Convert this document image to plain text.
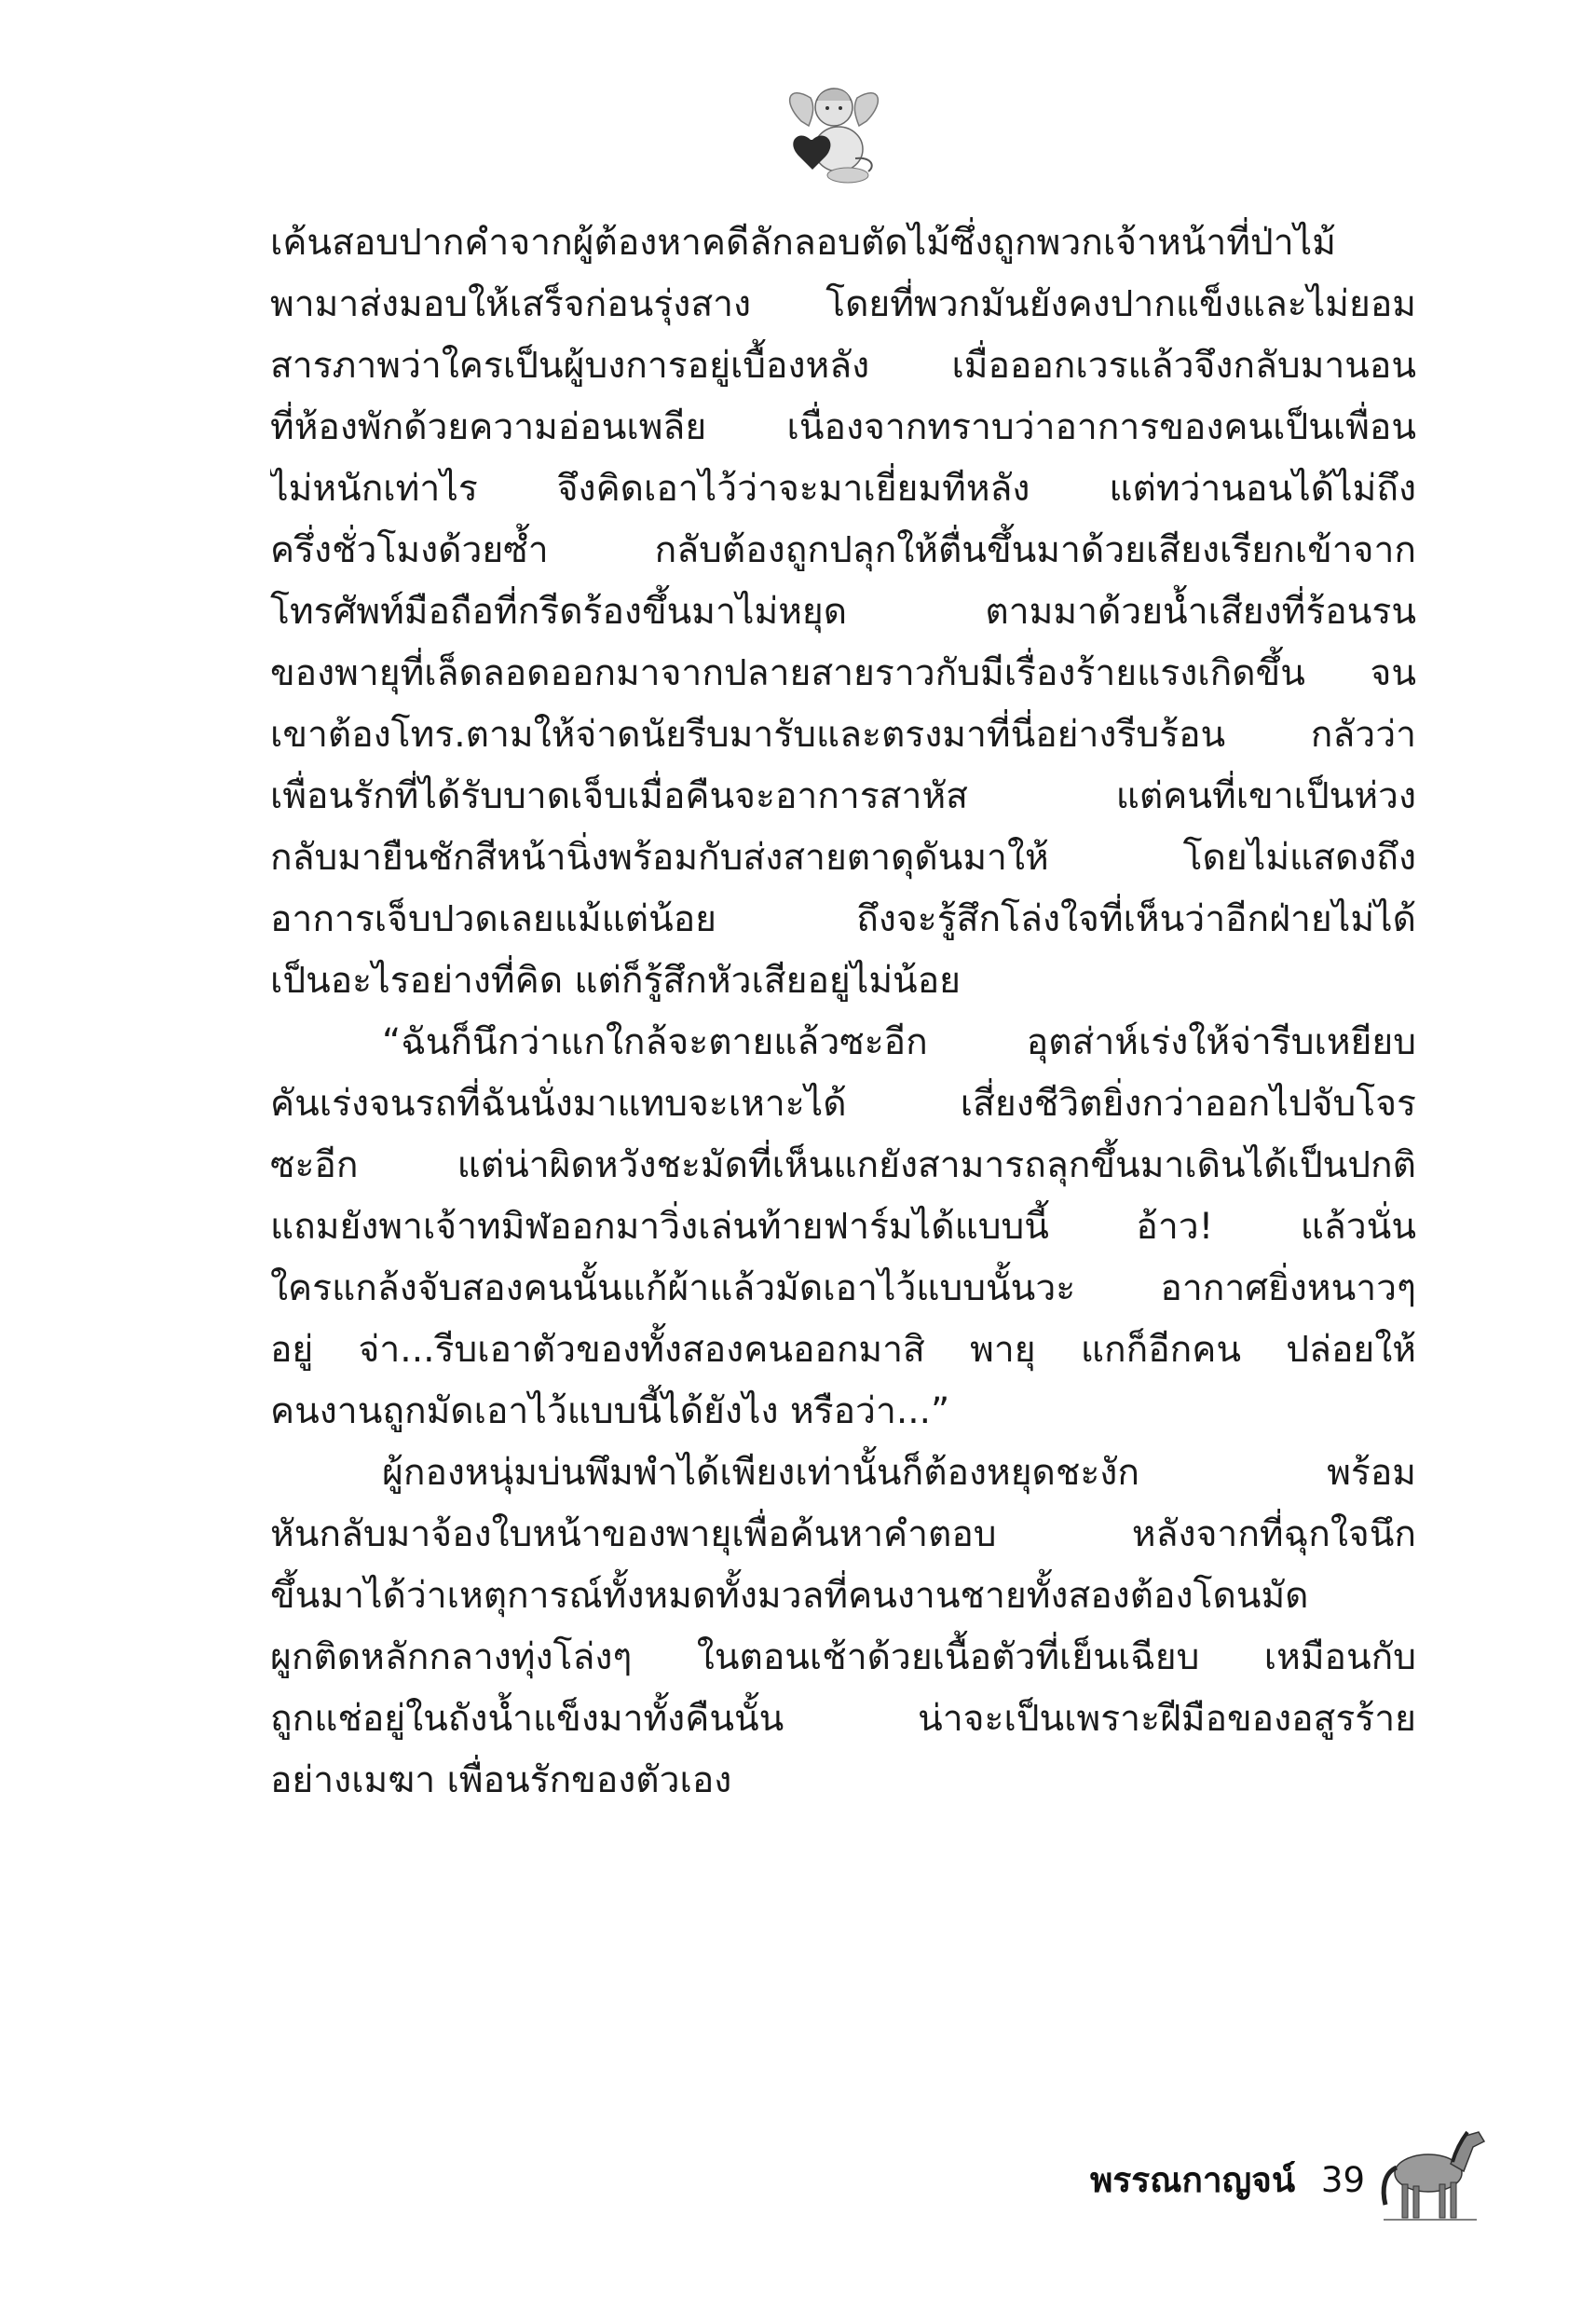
เค้นสอบปากคำจากผู้ต้องหาคดีลักลอบตัดไม้ซึ่งถูกพวกเจ้าหน้าที่ป่าไม้
พามาส่งมอบให้เสร็จก่อนรุ่งสาง โดยที่พวกมันยังคงปากแข็งและไม่ยอม
สารภาพว่าใครเป็นผู้บงการอยู่เบื้องหลัง เมื่อออกเวรแล้วจึงกลับมานอน
ที่ห้องพักด้วยความอ่อนเพลีย เนื่องจากทราบว่าอาการของคนเป็นเพื่อน
ไม่หนักเท่าไร จึงคิดเอาไว้ว่าจะมาเยี่ยมทีหลัง แต่ทว่านอนได้ไม่ถึง
ครึ่งชั่วโมงด้วยซ้ำ กลับต้องถูกปลุกให้ตื่นขึ้นมาด้วยเสียงเรียกเข้าจาก
โทรศัพท์มือถือที่กรีดร้องขึ้นมาไม่หยุด ตามมาด้วยน้ำเสียงที่ร้อนรน
ของพายุที่เล็ดลอดออกมาจากปลายสายราวกับมีเรื่องร้ายแรงเกิดขึ้น จน
เขาต้องโทร.ตามให้จ่าดนัยรีบมารับและตรงมาที่นี่อย่างรีบร้อน กลัวว่า
เพื่อนรักที่ได้รับบาดเจ็บเมื่อคืนจะอาการสาหัส แต่คนที่เขาเป็นห่วง
กลับมายืนชักสีหน้านิ่งพร้อมกับส่งสายตาดุดันมาให้ โดยไม่แสดงถึง
อาการเจ็บปวดเลยแม้แต่น้อย ถึงจะรู้สึกโล่งใจที่เห็นว่าอีกฝ่ายไม่ได้
เป็นอะไรอย่างที่คิด แต่ก็รู้สึกหัวเสียอยู่ไม่น้อย
“ฉันก็นึกว่าแกใกล้จะตายแล้วซะอีก อุตส่าห์เร่งให้จ่ารีบเหยียบ
คันเร่งจนรถที่ฉันนั่งมาแทบจะเหาะได้ เสี่ยงชีวิตยิ่งกว่าออกไปจับโจร
ซะอีก แต่น่าผิดหวังชะมัดที่เห็นแกยังสามารถลุกขึ้นมาเดินได้เป็นปกติ
แถมยังพาเจ้าทมิฬออกมาวิ่งเล่นท้ายฟาร์มได้แบบนี้ อ้าว! แล้วนั่น
ใครแกล้งจับสองคนนั้นแก้ผ้าแล้วมัดเอาไว้แบบนั้นวะ อากาศยิ่งหนาวๆ
อยู่ จ่า...รีบเอาตัวของทั้งสองคนออกมาสิ พายุ แกก็อีกคน ปล่อยให้
คนงานถูกมัดเอาไว้แบบนี้ได้ยังไง หรือว่า...”
ผู้กองหนุ่มบ่นพึมพำได้เพียงเท่านั้นก็ต้องหยุดชะงัก พร้อม
หันกลับมาจ้องใบหน้าของพายุเพื่อค้นหาคำตอบ หลังจากที่ฉุกใจนึก
ขึ้นมาได้ว่าเหตุการณ์ทั้งหมดทั้งมวลที่คนงานชายทั้งสองต้องโดนมัด
ผูกติดหลักกลางทุ่งโล่งๆ ในตอนเช้าด้วยเนื้อตัวที่เย็นเฉียบ เหมือนกับ
ถูกแช่อยู่ในถังน้ำแข็งมาทั้งคืนนั้น น่าจะเป็นเพราะฝีมือของอสูรร้าย
อย่างเมฆา เพื่อนรักของตัวเอง
พรรณกาญจน์ 39
